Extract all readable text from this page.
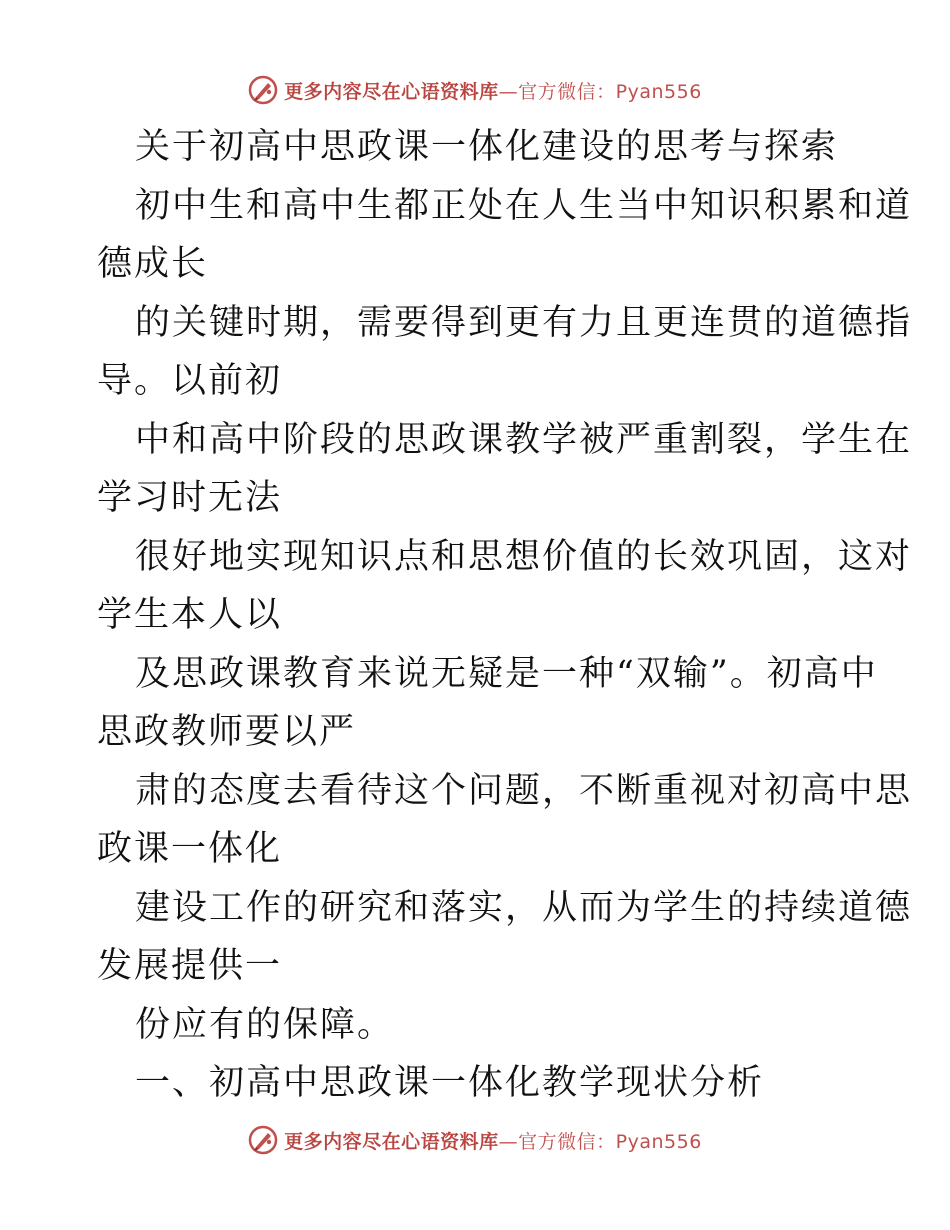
更多内容尽在心语资料库—官方微信：Pyan556
关于初高中思政课一体化建设的思考与探索
初中生和高中生都正处在人生当中知识积累和道
德成长
的关键时期，需要得到更有力且更连贯的道德指
导。以前初
中和高中阶段的思政课教学被严重割裂，学生在
学习时无法
很好地实现知识点和思想价值的长效巩固，这对
学生本人以
及思政课教育来说无疑是一种“双输”。初高中
思政教师要以严
肃的态度去看待这个问题，不断重视对初高中思
政课一体化
建设工作的研究和落实，从而为学生的持续道德
发展提供一
份应有的保障。
一、初高中思政课一体化教学现状分析
更多内容尽在心语资料库—官方微信：Pyan556
